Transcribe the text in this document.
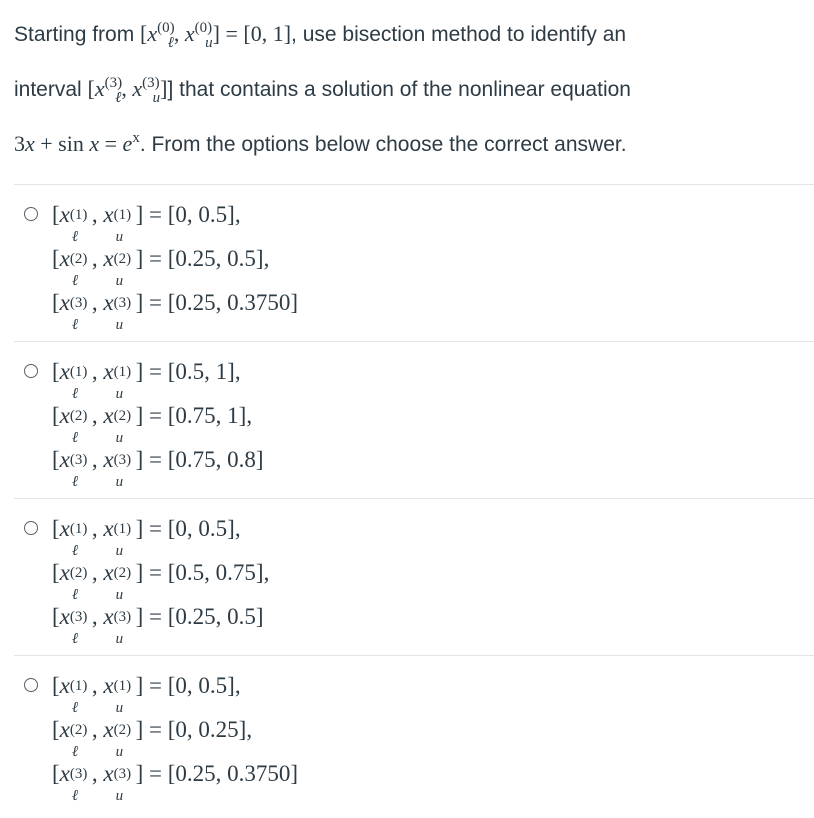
Starting from [$x^{(0)}_\ell$, $x^{(0)}_u] = [0$, 1], use bisection method to identify an
interval [$x^{(3)}_\ell$, $x^{(3)}_u$]] that contains a solution of the nonlinear equation
$3x + \sin x = e^x$. From the options below choose the correct answer.
[x (1)
ℓ
, x (1)
u
] = [0, 0.5],
[x (2)
ℓ
, x (2)
u
] = [0.25, 0.5],
[x (3)
ℓ
, x (3)
u
] = [0.25, 0.3750]
[x (1)
ℓ
, x (1)
u
] = [0.5, 1],
[x (2)
ℓ
, x (2)
u
] = [0.75, 1],
[x (3)
ℓ
, x (3)
u
] = [0.75, 0.8]
[x (1)
ℓ
, x (1)
u
] = [0, 0.5],
[x (2)
ℓ
, x (2)
u
] = [0.5, 0.75],
[x (3)
ℓ
, x (3)
u
] = [0.25, 0.5]
[x (1)
ℓ
, x (1)
u
] = [0, 0.5],
[x (2)
ℓ
, x (2)
u
] = [0, 0.25],
[x (3)
ℓ
, x (3)
u
] = [0.25, 0.3750]
